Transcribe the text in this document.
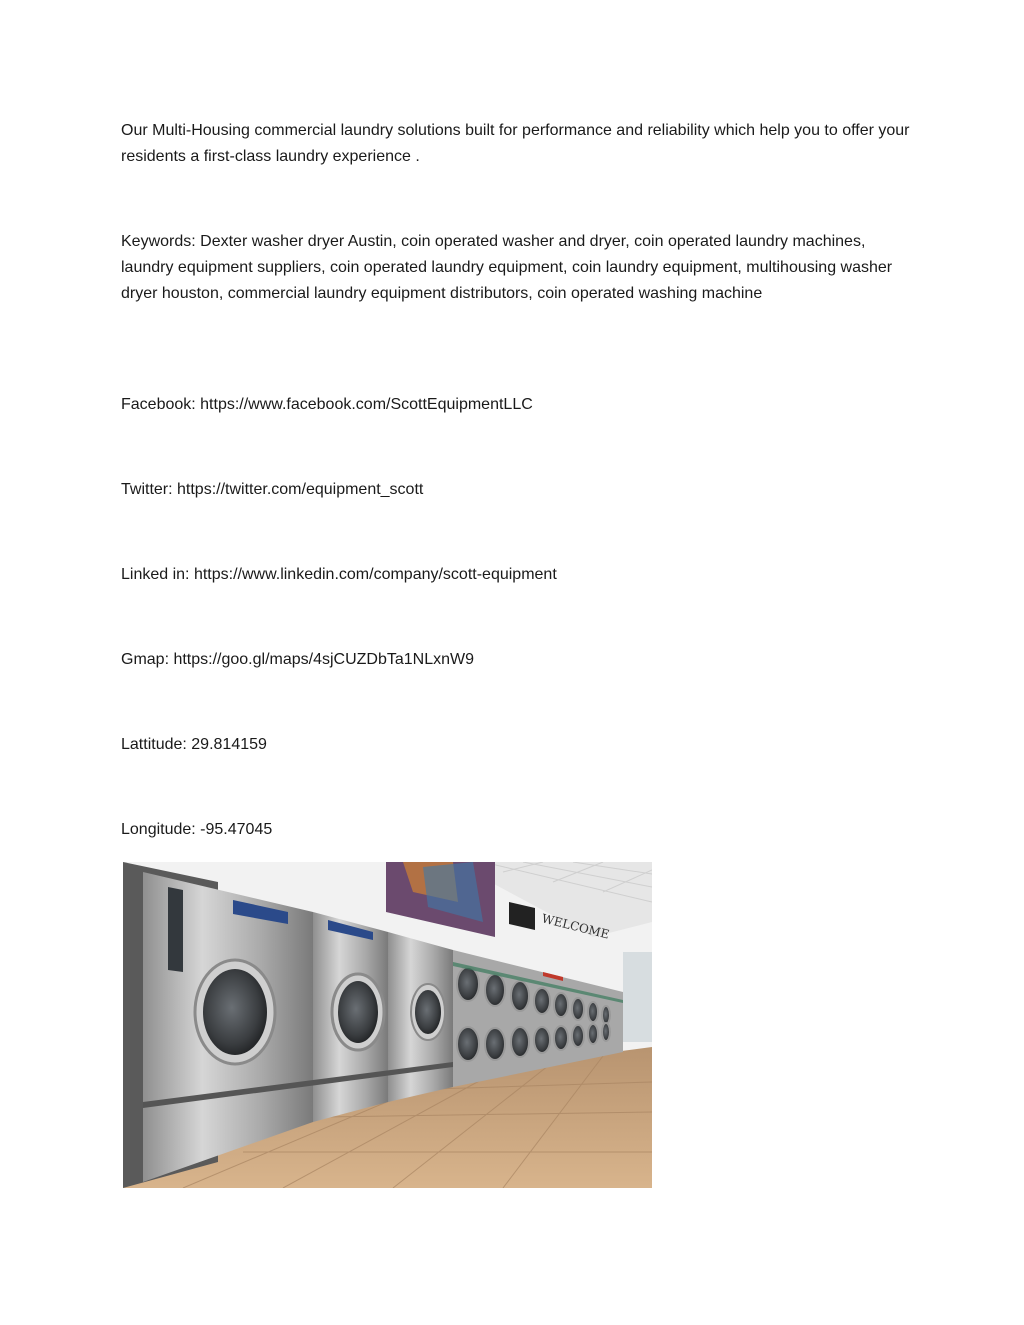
Our Multi-Housing commercial laundry solutions built for performance and reliability which help you to offer your residents a first-class laundry experience .

Keywords: Dexter washer dryer Austin, coin operated washer and dryer, coin operated laundry machines, laundry equipment suppliers, coin operated laundry equipment, coin laundry equipment, multihousing washer dryer houston, commercial laundry equipment distributors, coin operated washing machine

Facebook: https://www.facebook.com/ScottEquipmentLLC

Twitter: https://twitter.com/equipment_scott

Linked in: https://www.linkedin.com/company/scott-equipment

Gmap: https://goo.gl/maps/4sjCUZDbTa1NLxnW9

Lattitude: 29.814159

Longitude: -95.47045

WELCOME
